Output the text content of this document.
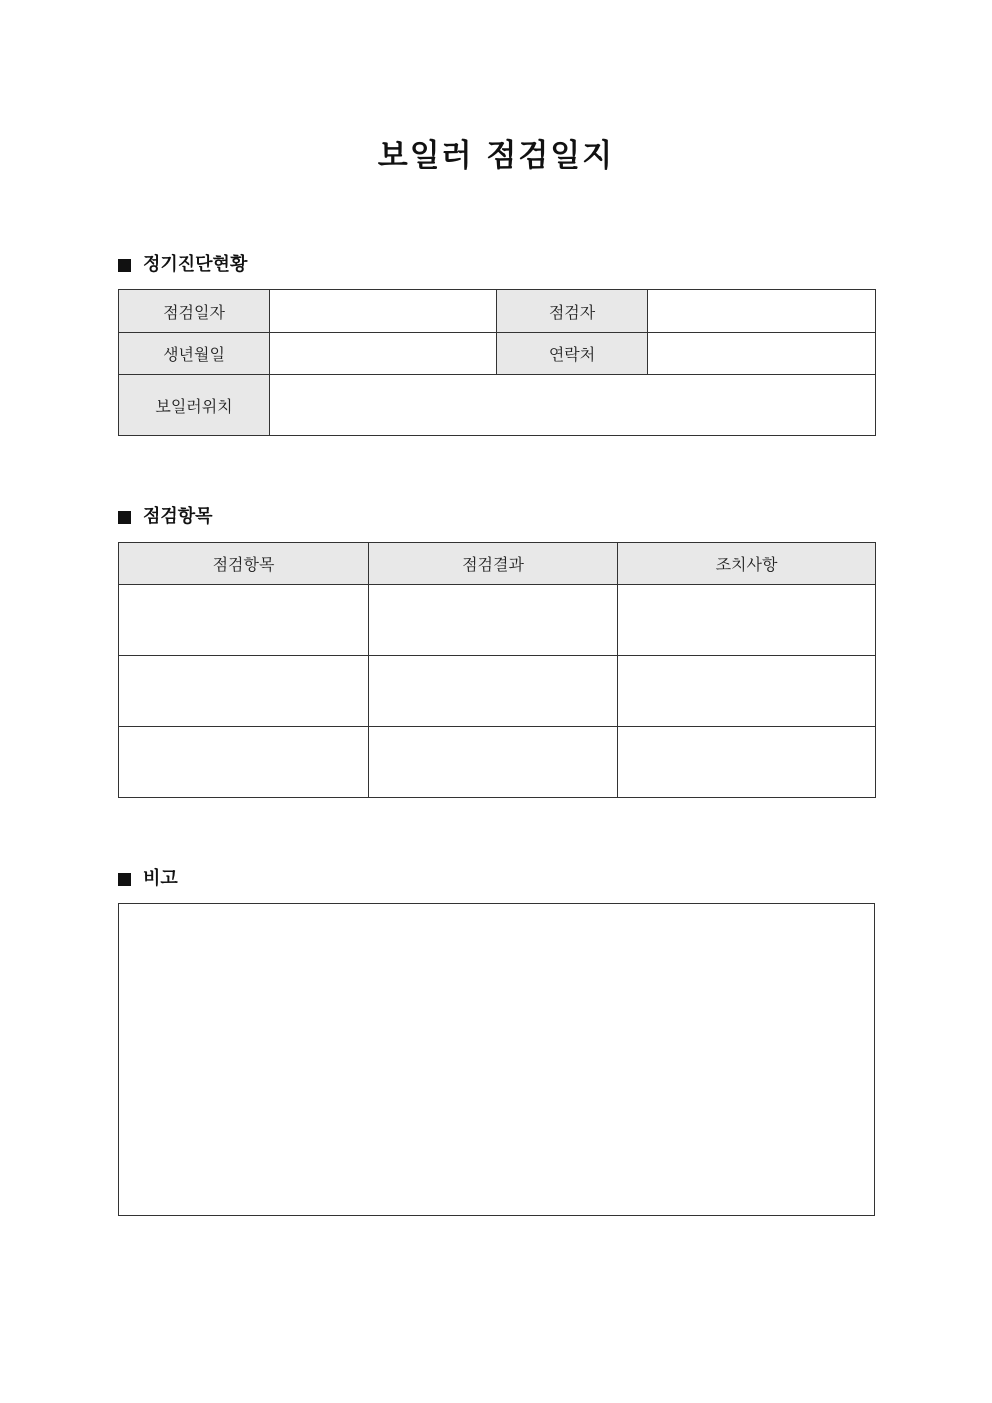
보일러 점검일지
정기진단현황
점검일자		점검자	
생년월일		연락처	
보일러위치			
점검항목
점검항목	점검결과	조치사항

비고
